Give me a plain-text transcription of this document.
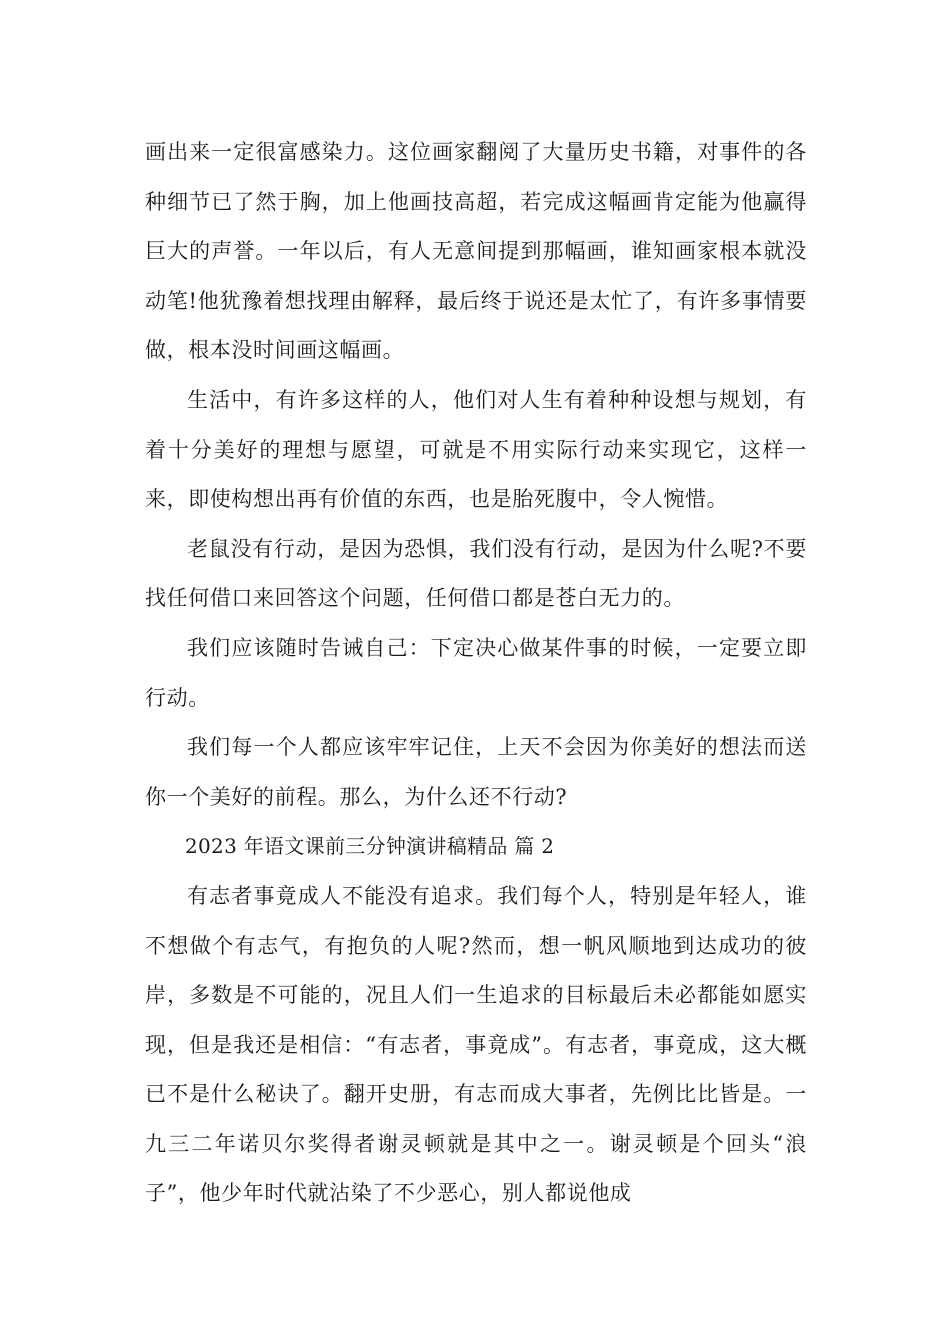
画出来一定很富感染力。这位画家翻阅了大量历史书籍，对事件的各种细节已了然于胸，加上他画技高超，若完成这幅画肯定能为他赢得巨大的声誉。一年以后，有人无意间提到那幅画，谁知画家根本就没动笔!他犹豫着想找理由解释，最后终于说还是太忙了，有许多事情要做，根本没时间画这幅画。

生活中，有许多这样的人，他们对人生有着种种设想与规划，有着十分美好的理想与愿望，可就是不用实际行动来实现它，这样一来，即使构想出再有价值的东西，也是胎死腹中，令人惋惜。

老鼠没有行动，是因为恐惧，我们没有行动，是因为什么呢?不要找任何借口来回答这个问题，任何借口都是苍白无力的。

我们应该随时告诫自己：下定决心做某件事的时候，一定要立即行动。

我们每一个人都应该牢牢记住，上天不会因为你美好的想法而送你一个美好的前程。那么，为什么还不行动?

2023 年语文课前三分钟演讲稿精品 篇 2

有志者事竟成人不能没有追求。我们每个人，特别是年轻人，谁不想做个有志气，有抱负的人呢?然而，想一帆风顺地到达成功的彼岸，多数是不可能的，况且人们一生追求的目标最后未必都能如愿实现，但是我还是相信：“有志者，事竟成”。有志者，事竟成，这大概已不是什么秘诀了。翻开史册，有志而成大事者，先例比比皆是。一九三二年诺贝尔奖得者谢灵顿就是其中之一。谢灵顿是个回头“浪子”，他少年时代就沾染了不少恶心，别人都说他成
